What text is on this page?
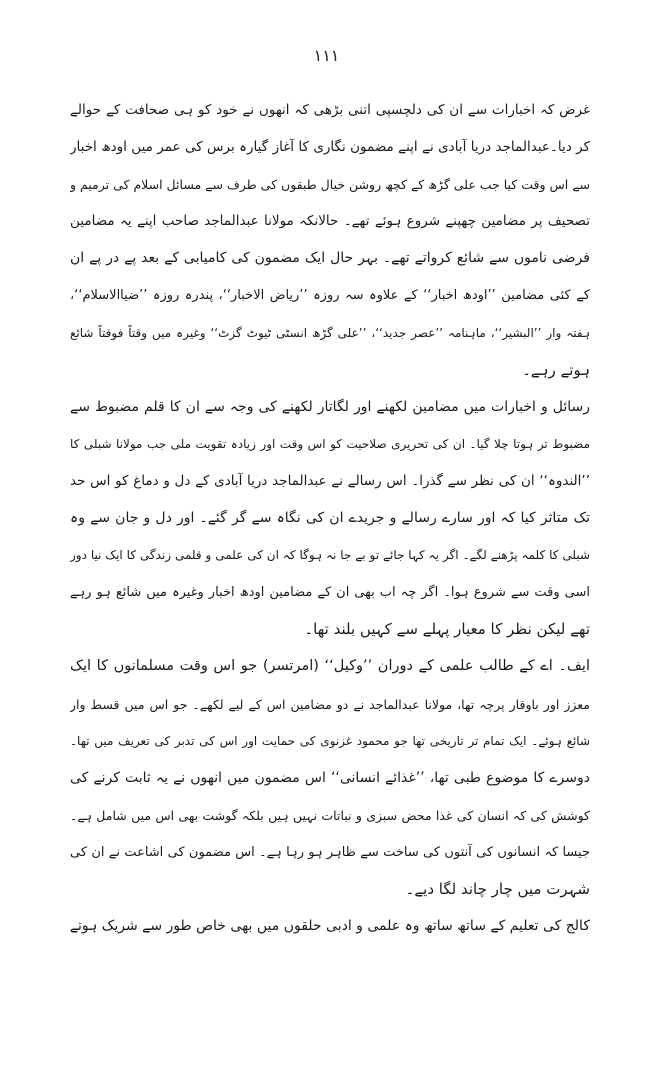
۱۱۱
غرض کہ اخبارات سے ان کی دلچسپی اتنی بڑھی کہ انھوں نے خود کو ہی صحافت کے حوالے
کر دیا۔عبدالماجد دریا آبادی نے اپنے مضمون نگاری کا آغاز گیارہ برس کی عمر میں اودھ اخبار
سے اس وقت کیا جب علی گڑھ کے کچھ روشن خیال طبقوں کی طرف سے مسائل اسلام کی ترمیم و
تصحیف پر مضامین چھپنے شروع ہوئے تھے۔ حالانکہ مولانا عبدالماجد صاحب اپنے یہ مضامین
فرضی ناموں سے شائع کرواتے تھے۔ بہر حال ایک مضمون کی کامیابی کے بعد پے در پے ان
کے کئی مضامین ’’اودھ اخبار‘‘ کے علاوہ سہ روزہ ’’ریاض الاخبار‘‘، پندرہ روزہ ’’ضیاالاسلام‘‘،
ہفتہ وار ’’البشیر‘‘، ماہنامہ ’’عصر جدید‘‘، ’’علی گڑھ انسٹی ٹیوٹ گزٹ‘‘ وغیرہ میں وقتاً فوقتاً شائع
ہوتے رہے۔
رسائل و اخبارات میں مضامین لکھنے اور لگاتار لکھنے کی وجہ سے ان کا قلم مضبوط سے
مضبوط تر ہوتا چلا گیا۔ ان کی تحریری صلاحیت کو اس وقت اور زیادہ تقویت ملی جب مولانا شبلی کا
’’الندوہ‘‘ ان کی نظر سے گذرا۔ اس رسالے نے عبدالماجد دریا آبادی کے دل و دماغ کو اس حد
تک متاثر کیا کہ اور سارے رسالے و جریدے ان کی نگاہ سے گر گئے۔ اور دل و جان سے وہ
شبلی کا کلمہ پڑھنے لگے۔ اگر یہ کہا جائے تو بے جا نہ ہوگا کہ ان کی علمی و قلمی زندگی کا ایک نیا دور
اسی وقت سے شروع ہوا۔ اگر چہ اب بھی ان کے مضامین اودھ اخبار وغیرہ میں شائع ہو رہے
تھے لیکن نظر کا معیار پہلے سے کہیں بلند تھا۔
ایف۔ اے کے طالب علمی کے دوران ’’وکیل‘‘ (امرتسر) جو اس وقت مسلمانوں کا ایک
معزز اور باوقار پرچہ تھا، مولانا عبدالماجد نے دو مضامین اس کے لیے لکھے۔ جو اس میں قسط وار
شائع ہوئے۔ ایک تمام تر تاریخی تھا جو محمود غزنوی کی حمایت اور اس کی تدبر کی تعریف میں تھا۔
دوسرے کا موضوع طبی تھا، ’’غذائے انسانی‘‘ اس مضمون میں انھوں نے یہ ثابت کرنے کی
کوشش کی کہ انسان کی غذا محض سبزی و نباتات نہیں ہیں بلکہ گوشت بھی اس میں شامل ہے۔
جیسا کہ انسانوں کی آنتوں کی ساخت سے ظاہر ہو رہا ہے۔ اس مضمون کی اشاعت نے ان کی
شہرت میں چار چاند لگا دیے۔
کالج کی تعلیم کے ساتھ ساتھ وہ علمی و ادبی حلقوں میں بھی خاص طور سے شریک ہوتے
